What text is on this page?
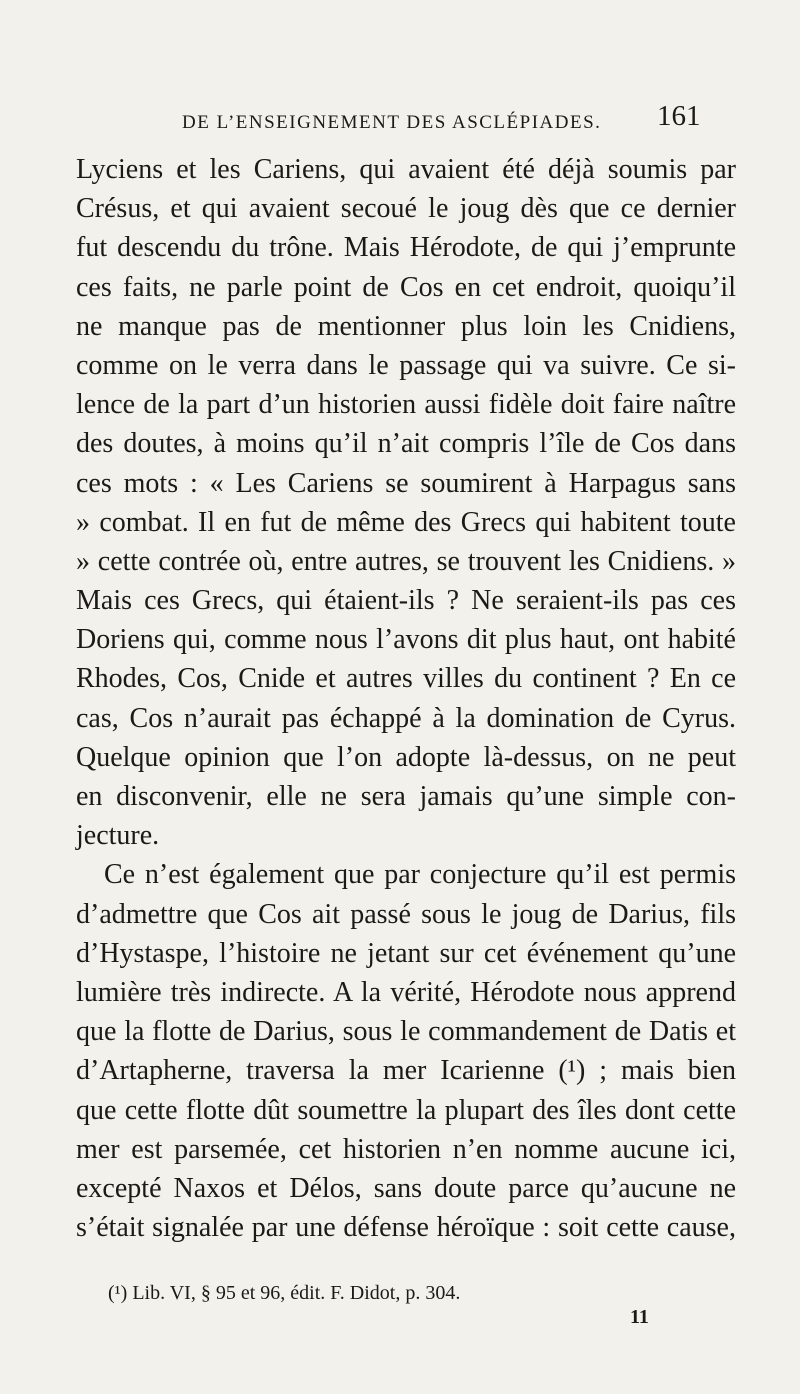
DE L’ENSEIGNEMENT DES ASCLÉPIADES. 161
Lyciens et les Cariens, qui avaient été déjà soumis par
Crésus, et qui avaient secoué le joug dès que ce dernier
fut descendu du trône. Mais Hérodote, de qui j’emprunte
ces faits, ne parle point de Cos en cet endroit, quoiqu’il
ne manque pas de mentionner plus loin les Cnidiens,
comme on le verra dans le passage qui va suivre. Ce si-
lence de la part d’un historien aussi fidèle doit faire naître
des doutes, à moins qu’il n’ait compris l’île de Cos dans
ces mots : « Les Cariens se soumirent à Harpagus sans
» combat. Il en fut de même des Grecs qui habitent toute
» cette contrée où, entre autres, se trouvent les Cnidiens. »
Mais ces Grecs, qui étaient-ils ? Ne seraient-ils pas ces
Doriens qui, comme nous l’avons dit plus haut, ont habité
Rhodes, Cos, Cnide et autres villes du continent ? En ce
cas, Cos n’aurait pas échappé à la domination de Cyrus.
Quelque opinion que l’on adopte là-dessus, on ne peut
en disconvenir, elle ne sera jamais qu’une simple con-
jecture.
Ce n’est également que par conjecture qu’il est permis
d’admettre que Cos ait passé sous le joug de Darius, fils
d’Hystaspe, l’histoire ne jetant sur cet événement qu’une
lumière très indirecte. A la vérité, Hérodote nous apprend
que la flotte de Darius, sous le commandement de Datis et
d’Artapherne, traversa la mer Icarienne (¹) ; mais bien
que cette flotte dût soumettre la plupart des îles dont cette
mer est parsemée, cet historien n’en nomme aucune ici,
excepté Naxos et Délos, sans doute parce qu’aucune ne
s’était signalée par une défense héroïque : soit cette cause,
(¹) Lib. VI, § 95 et 96, édit. F. Didot, p. 304.
11
